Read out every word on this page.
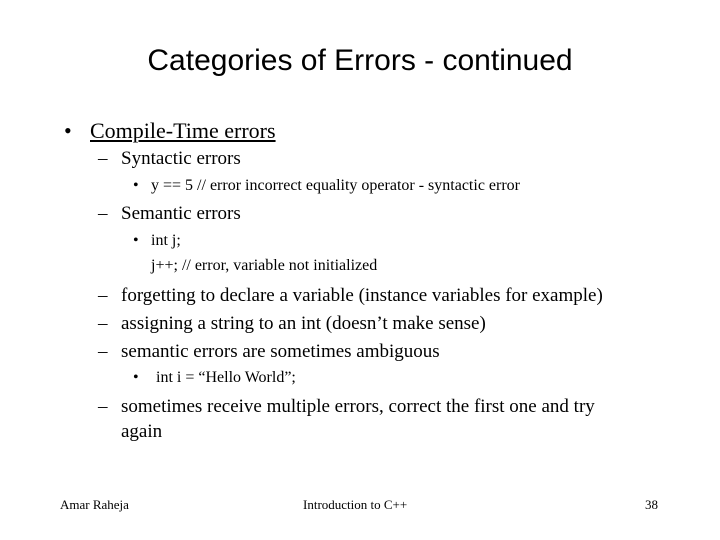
Categories of Errors - continued
• Compile-Time errors
– Syntactic errors
• y == 5 // error incorrect equality operator - syntactic error
– Semantic errors
• int j;
j++; // error, variable not initialized
– forgetting to declare a variable (instance variables for example)
– assigning a string to an int (doesn’t make sense)
– semantic errors are sometimes ambiguous
• int i = “Hello World”;
– sometimes receive multiple errors, correct the first one and try
again
Amar Raheja	Introduction to C++	38
